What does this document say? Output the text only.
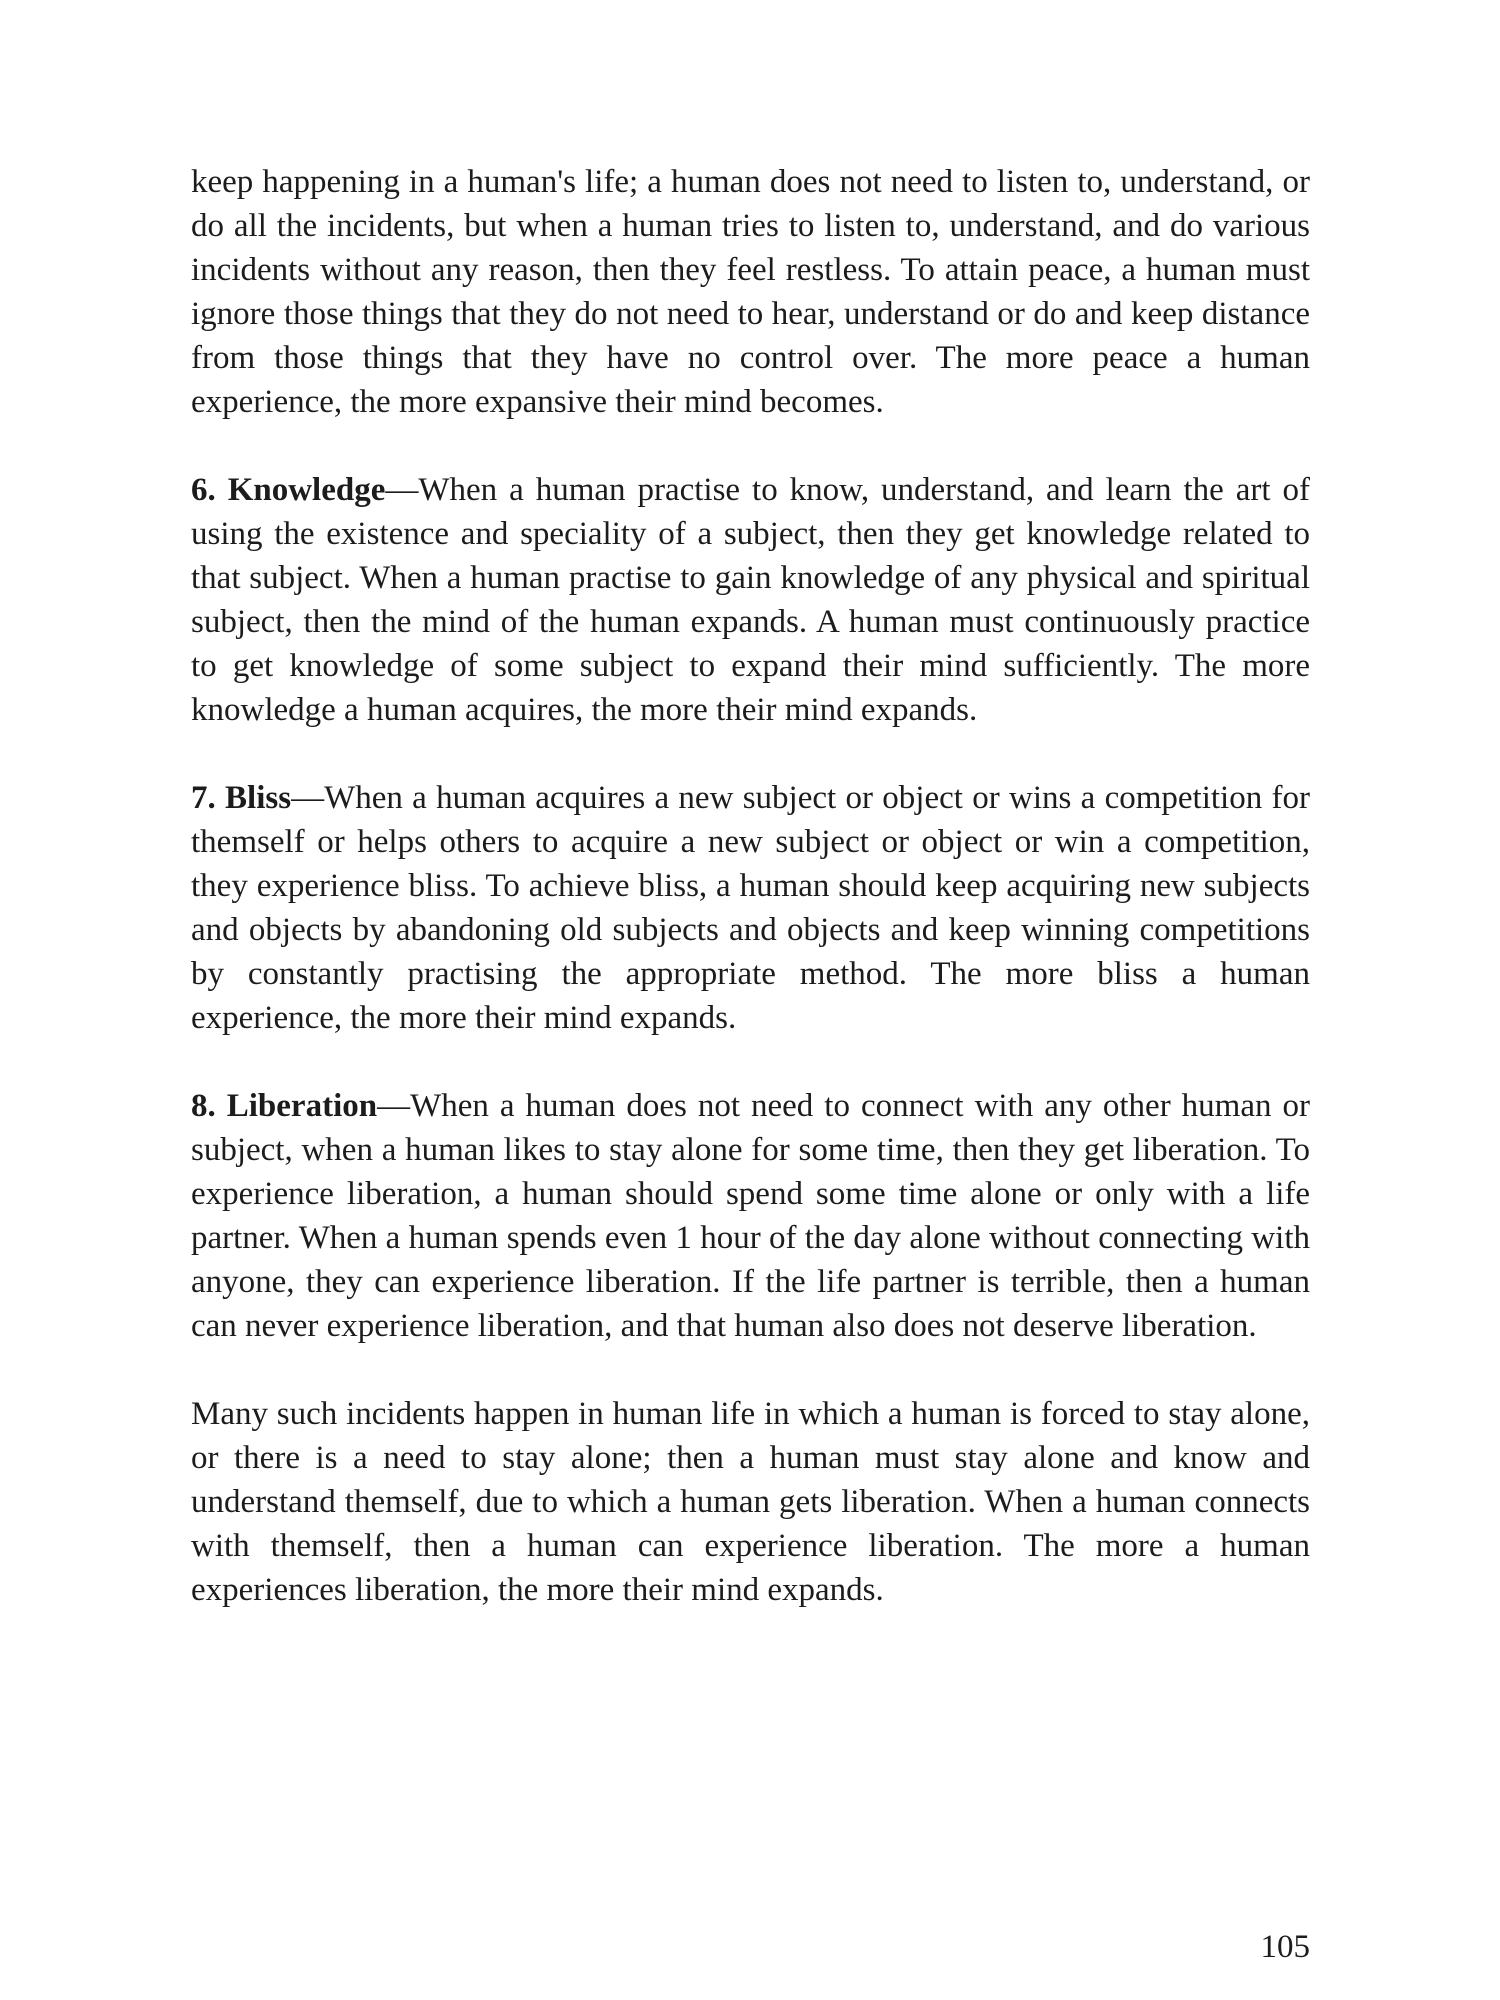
keep happening in a human's life; a human does not need to listen to, understand, or do all the incidents, but when a human tries to listen to, understand, and do various incidents without any reason, then they feel restless. To attain peace, a human must ignore those things that they do not need to hear, understand or do and keep distance from those things that they have no control over. The more peace a human experience, the more expansive their mind becomes.

6. Knowledge—When a human practise to know, understand, and learn the art of using the existence and speciality of a subject, then they get knowledge related to that subject. When a human practise to gain knowledge of any physical and spiritual subject, then the mind of the human expands. A human must continuously practice to get knowledge of some subject to expand their mind sufficiently. The more knowledge a human acquires, the more their mind expands.

7. Bliss—When a human acquires a new subject or object or wins a competition for themself or helps others to acquire a new subject or object or win a competition, they experience bliss. To achieve bliss, a human should keep acquiring new subjects and objects by abandoning old subjects and objects and keep winning competitions by constantly practising the appropriate method. The more bliss a human experience, the more their mind expands.

8. Liberation—When a human does not need to connect with any other human or subject, when a human likes to stay alone for some time, then they get liberation. To experience liberation, a human should spend some time alone or only with a life partner. When a human spends even 1 hour of the day alone without connecting with anyone, they can experience liberation. If the life partner is terrible, then a human can never experience liberation, and that human also does not deserve liberation.

Many such incidents happen in human life in which a human is forced to stay alone, or there is a need to stay alone; then a human must stay alone and know and understand themself, due to which a human gets liberation. When a human connects with themself, then a human can experience liberation. The more a human experiences liberation, the more their mind expands.

105
